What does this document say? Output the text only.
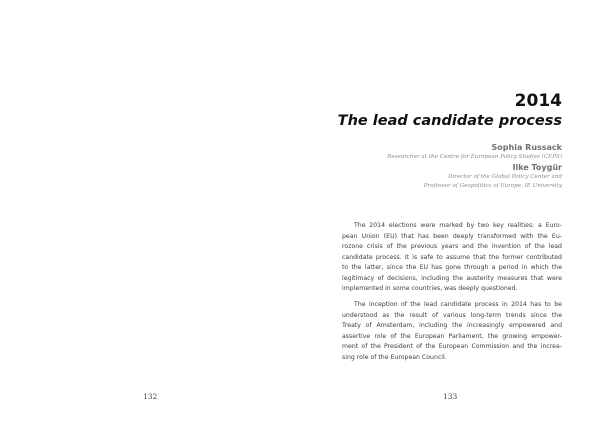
132

2014
The lead candidate process

Sophia Russack

Researcher at the Centre for European Policy Studies (CEPS)

Ilke Toygür

Director of the Global Policy Center and

Professor of Geopolitics of Europe, IE University

The 2014 elections were marked by two key realities: a Euro-
pean Union (EU) that has been deeply transformed with the Eu-
rozone crisis of the previous years and the invention of the lead
candidate process. It is safe to assume that the former contributed
to the latter, since the EU has gone through a period in which the
legitimacy of decisions, including the austerity measures that were
implemented in some countries, was deeply questioned.

The inception of the lead candidate process in 2014 has to be
understood as the result of various long-term trends since the
Treaty of Amsterdam, including the increasingly empowered and
assertive role of the European Parliament, the growing empower-
ment of the President of the European Commission and the increa-
sing role of the European Council.

133
